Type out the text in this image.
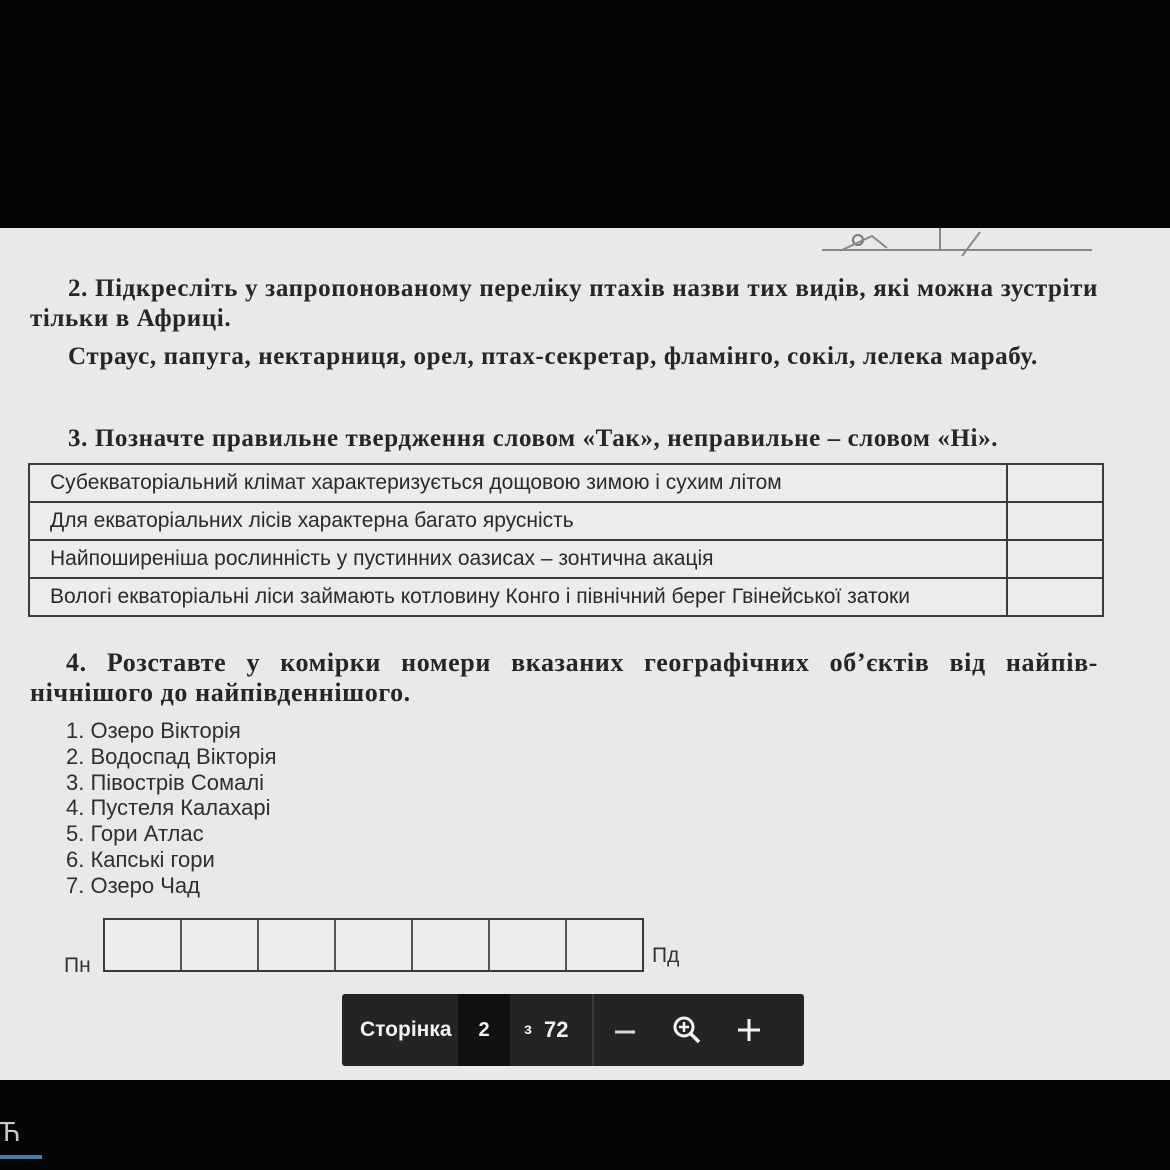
2. Підкресліть у запропонованому переліку птахів назви тих видів, які можна зустріти тільки в Африці.
Страус, папуга, нектарниця, орел, птах-секретар, фламінго, сокіл, лелека марабу.
3. Позначте правильне твердження словом «Так», неправильне – словом «Ні».
Субекваторіальний клімат характеризується дощовою зимою і сухим літом	
Для екваторіальних лісів характерна багато ярусність	
Найпоширеніша рослинність у пустинних оазисах – зонтична акація	
Вологі екваторіальні ліси займають котловину Конго і північний берег Гвінейської затоки	
4. Розставте у комірки номери вказаних географічних об’єктів від найпів-
нічнішого до найпівденнішого.
1. Озеро Вікторія
2. Водоспад Вікторія
3. Півострів Сомалі
4. Пустеля Калахарі
5. Гори Атлас
6. Капські гори
7. Озеро Чад
Пн	Пд
Сторінка	2	з 72
Ћ
